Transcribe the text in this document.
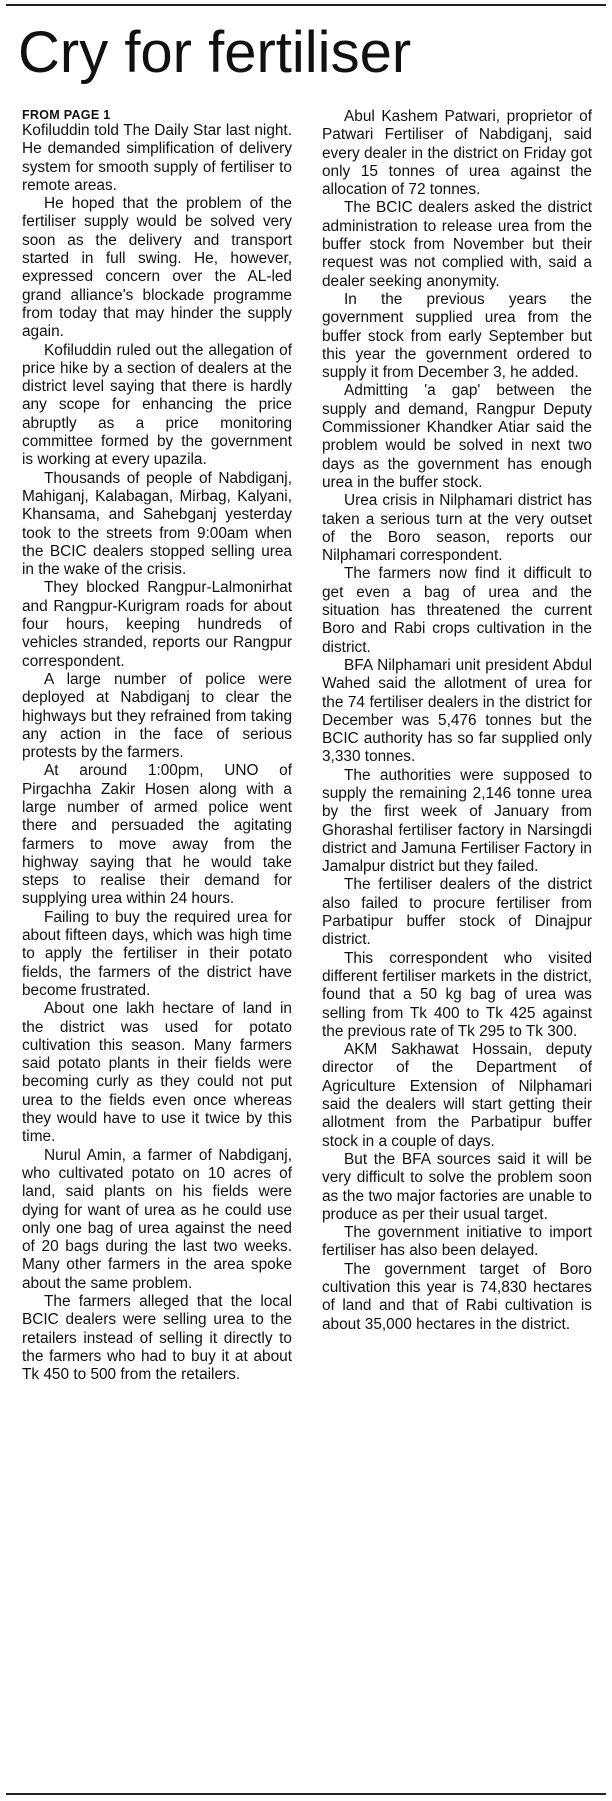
Cry for fertiliser
FROM PAGE 1

Kofiluddin told The Daily Star last night. He demanded simplification of delivery system for smooth supply of fertiliser to remote areas.

He hoped that the problem of the fertiliser supply would be solved very soon as the delivery and transport started in full swing. He, however, expressed concern over the AL-led grand alliance's blockade programme from today that may hinder the supply again.

Kofiluddin ruled out the allegation of price hike by a section of dealers at the district level saying that there is hardly any scope for enhancing the price abruptly as a price monitoring committee formed by the government is working at every upazila.

Thousands of people of Nabdiganj, Mahiganj, Kalabagan, Mirbag, Kalyani, Khansama, and Sahebganj yesterday took to the streets from 9:00am when the BCIC dealers stopped selling urea in the wake of the crisis.

They blocked Rangpur-Lalmonirhat and Rangpur-Kurigram roads for about four hours, keeping hundreds of vehicles stranded, reports our Rangpur correspondent.

A large number of police were deployed at Nabdiganj to clear the highways but they refrained from taking any action in the face of serious protests by the farmers.

At around 1:00pm, UNO of Pirgachha Zakir Hosen along with a large number of armed police went there and persuaded the agitating farmers to move away from the highway saying that he would take steps to realise their demand for supplying urea within 24 hours.

Failing to buy the required urea for about fifteen days, which was high time to apply the fertiliser in their potato fields, the farmers of the district have become frustrated.

About one lakh hectare of land in the district was used for potato cultivation this season. Many farmers said potato plants in their fields were becoming curly as they could not put urea to the fields even once whereas they would have to use it twice by this time.

Nurul Amin, a farmer of Nabdiganj, who cultivated potato on 10 acres of land, said plants on his fields were dying for want of urea as he could use only one bag of urea against the need of 20 bags during the last two weeks. Many other farmers in the area spoke about the same problem.

The farmers alleged that the local BCIC dealers were selling urea to the retailers instead of selling it directly to the farmers who had to buy it at about Tk 450 to 500 from the retailers.

Abul Kashem Patwari, proprietor of Patwari Fertiliser of Nabdiganj, said every dealer in the district on Friday got only 15 tonnes of urea against the allocation of 72 tonnes.

The BCIC dealers asked the district administration to release urea from the buffer stock from November but their request was not complied with, said a dealer seeking anonymity.

In the previous years the government supplied urea from the buffer stock from early September but this year the government ordered to supply it from December 3, he added.

Admitting 'a gap' between the supply and demand, Rangpur Deputy Commissioner Khandker Atiar said the problem would be solved in next two days as the government has enough urea in the buffer stock.

Urea crisis in Nilphamari district has taken a serious turn at the very outset of the Boro season, reports our Nilphamari correspondent.

The farmers now find it difficult to get even a bag of urea and the situation has threatened the current Boro and Rabi crops cultivation in the district.

BFA Nilphamari unit president Abdul Wahed said the allotment of urea for the 74 fertiliser dealers in the district for December was 5,476 tonnes but the BCIC authority has so far supplied only 3,330 tonnes.

The authorities were supposed to supply the remaining 2,146 tonne urea by the first week of January from Ghorashal fertiliser factory in Narsingdi district and Jamuna Fertiliser Factory in Jamalpur district but they failed.

The fertiliser dealers of the district also failed to procure fertiliser from Parbatipur buffer stock of Dinajpur district.

This correspondent who visited different fertiliser markets in the district, found that a 50 kg bag of urea was selling from Tk 400 to Tk 425 against the previous rate of Tk 295 to Tk 300.

AKM Sakhawat Hossain, deputy director of the Department of Agriculture Extension of Nilphamari said the dealers will start getting their allotment from the Parbatipur buffer stock in a couple of days.

But the BFA sources said it will be very difficult to solve the problem soon as the two major factories are unable to produce as per their usual target.

The government initiative to import fertiliser has also been delayed.

The government target of Boro cultivation this year is 74,830 hectares of land and that of Rabi cultivation is about 35,000 hectares in the district.
